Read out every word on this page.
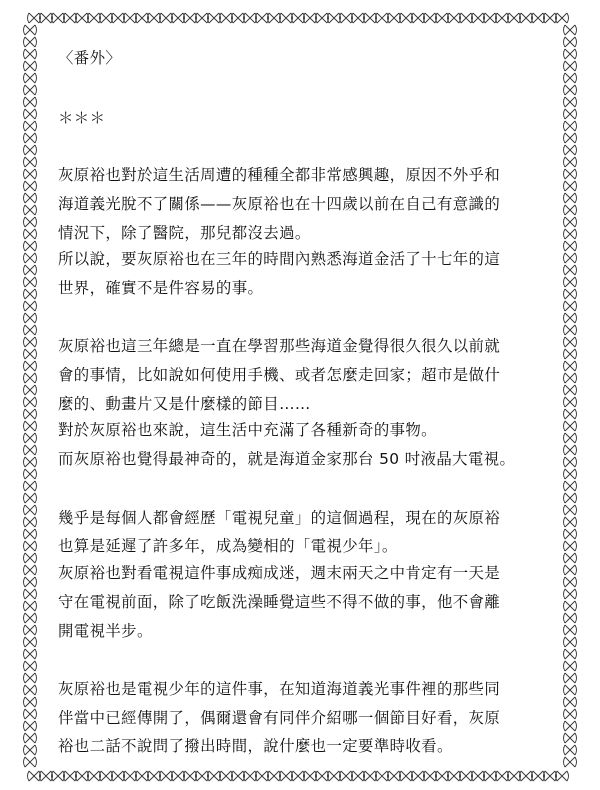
〈番外〉
＊＊＊
灰原裕也對於這生活周遭的種種全都非常感興趣，原因不外乎和
海道義光脫不了關係——灰原裕也在十四歲以前在自己有意識的
情況下，除了醫院，那兒都沒去過。
所以說，要灰原裕也在三年的時間內熟悉海道金活了十七年的這
世界，確實不是件容易的事。
灰原裕也這三年總是一直在學習那些海道金覺得很久很久以前就
會的事情，比如說如何使用手機、或者怎麼走回家；超市是做什
麼的、動畫片又是什麼樣的節目……
對於灰原裕也來說，這生活中充滿了各種新奇的事物。
而灰原裕也覺得最神奇的，就是海道金家那台 50 吋液晶大電視。
幾乎是每個人都會經歷「電視兒童」的這個過程，現在的灰原裕
也算是延遲了許多年，成為變相的「電視少年」。
灰原裕也對看電視這件事成痴成迷，週末兩天之中肯定有一天是
守在電視前面，除了吃飯洗澡睡覺這些不得不做的事，他不會離
開電視半步。
灰原裕也是電視少年的這件事，在知道海道義光事件裡的那些同
伴當中已經傳開了，偶爾還會有同伴介紹哪一個節目好看，灰原
裕也二話不說問了撥出時間，說什麼也一定要準時收看。
